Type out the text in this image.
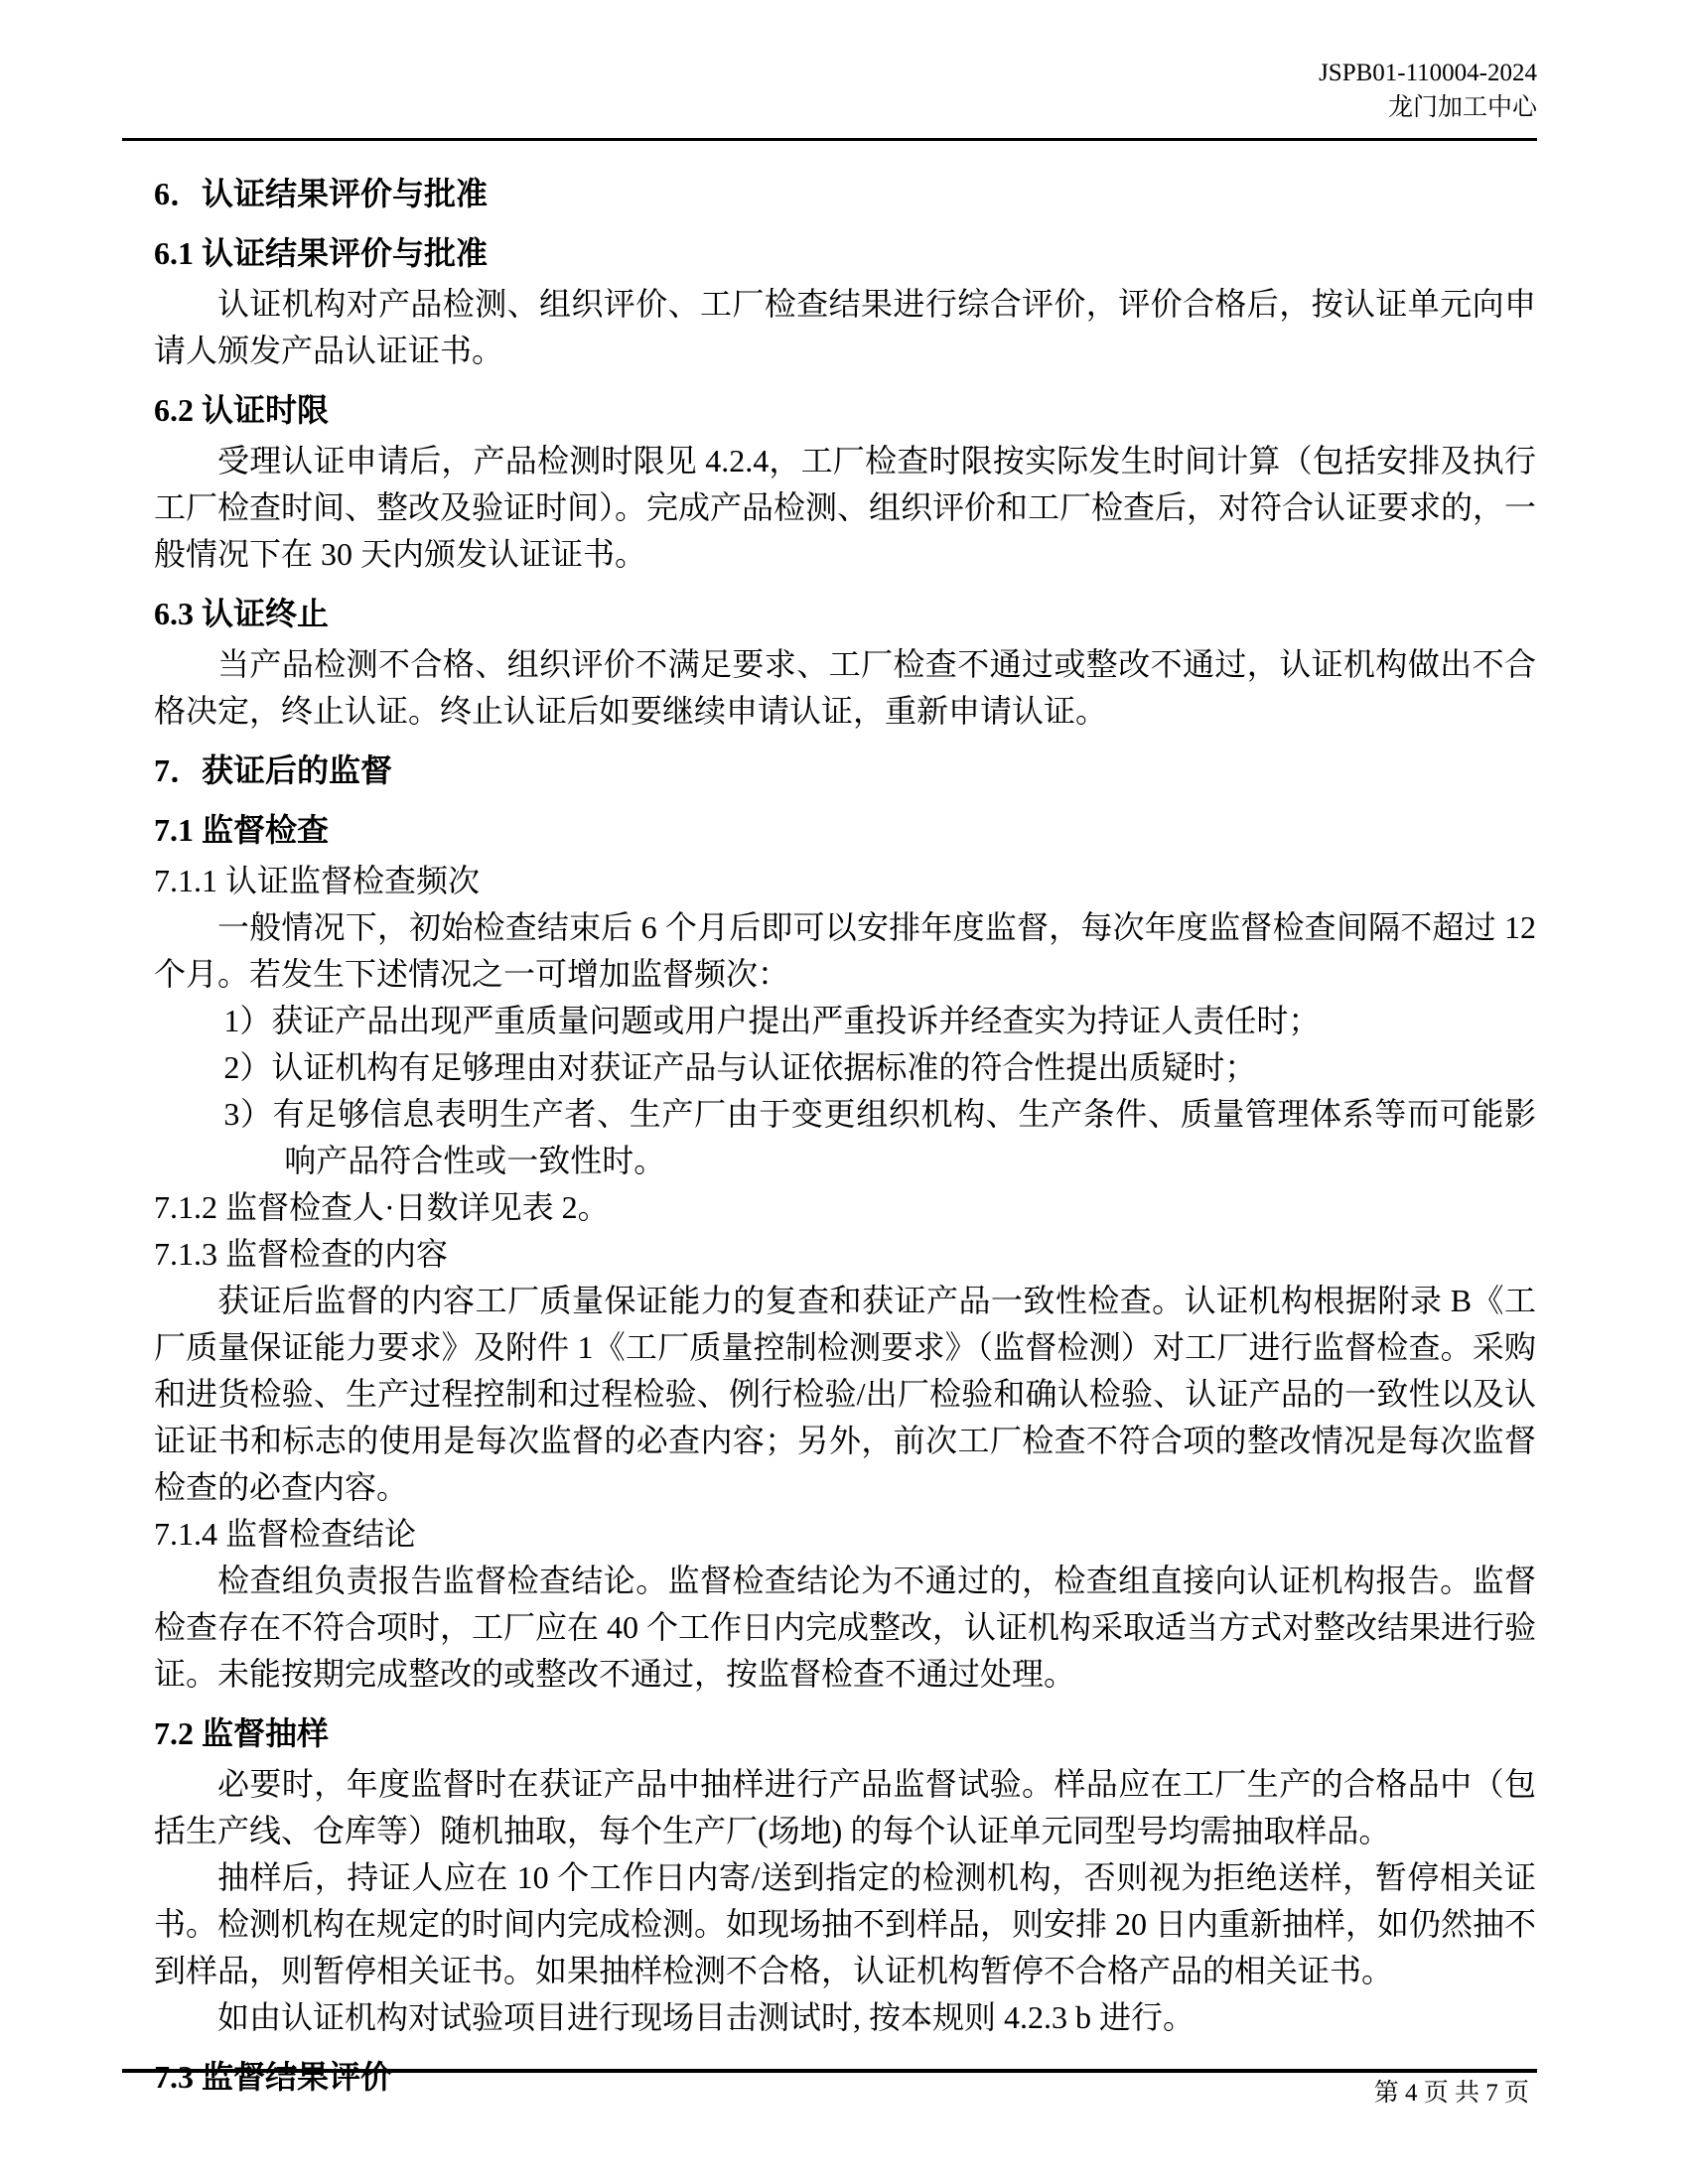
JSPB01-110004-2024
龙门加工中心
6．认证结果评价与批准
6.1 认证结果评价与批准
认证机构对产品检测、组织评价、工厂检查结果进行综合评价，评价合格后，按认证单元向申请人颁发产品认证证书。
6.2 认证时限
受理认证申请后，产品检测时限见 4.2.4，工厂检查时限按实际发生时间计算（包括安排及执行工厂检查时间、整改及验证时间）。完成产品检测、组织评价和工厂检查后，对符合认证要求的，一般情况下在 30 天内颁发认证证书。
6.3 认证终止
当产品检测不合格、组织评价不满足要求、工厂检查不通过或整改不通过，认证机构做出不合格决定，终止认证。终止认证后如要继续申请认证，重新申请认证。
7．获证后的监督
7.1 监督检查
7.1.1 认证监督检查频次
一般情况下，初始检查结束后 6 个月后即可以安排年度监督，每次年度监督检查间隔不超过 12 个月。若发生下述情况之一可增加监督频次：
1）获证产品出现严重质量问题或用户提出严重投诉并经查实为持证人责任时；
2）认证机构有足够理由对获证产品与认证依据标准的符合性提出质疑时；
3）有足够信息表明生产者、生产厂由于变更组织机构、生产条件、质量管理体系等而可能影响产品符合性或一致性时。
7.1.2 监督检查人·日数详见表 2。
7.1.3 监督检查的内容
获证后监督的内容工厂质量保证能力的复查和获证产品一致性检查。认证机构根据附录 B《工厂质量保证能力要求》及附件 1《工厂质量控制检测要求》（监督检测）对工厂进行监督检查。采购和进货检验、生产过程控制和过程检验、例行检验/出厂检验和确认检验、认证产品的一致性以及认证证书和标志的使用是每次监督的必查内容；另外，前次工厂检查不符合项的整改情况是每次监督检查的必查内容。
7.1.4 监督检查结论
检查组负责报告监督检查结论。监督检查结论为不通过的，检查组直接向认证机构报告。监督检查存在不符合项时，工厂应在 40 个工作日内完成整改，认证机构采取适当方式对整改结果进行验证。未能按期完成整改的或整改不通过，按监督检查不通过处理。
7.2 监督抽样
必要时，年度监督时在获证产品中抽样进行产品监督试验。样品应在工厂生产的合格品中（包括生产线、仓库等）随机抽取，每个生产厂(场地) 的每个认证单元同型号均需抽取样品。
抽样后，持证人应在 10 个工作日内寄/送到指定的检测机构，否则视为拒绝送样，暂停相关证书。检测机构在规定的时间内完成检测。如现场抽不到样品，则安排 20 日内重新抽样，如仍然抽不到样品，则暂停相关证书。如果抽样检测不合格，认证机构暂停不合格产品的相关证书。
如由认证机构对试验项目进行现场目击测试时, 按本规则 4.2.3 b 进行。
7.3 监督结果评价	第 4 页 共 7 页
